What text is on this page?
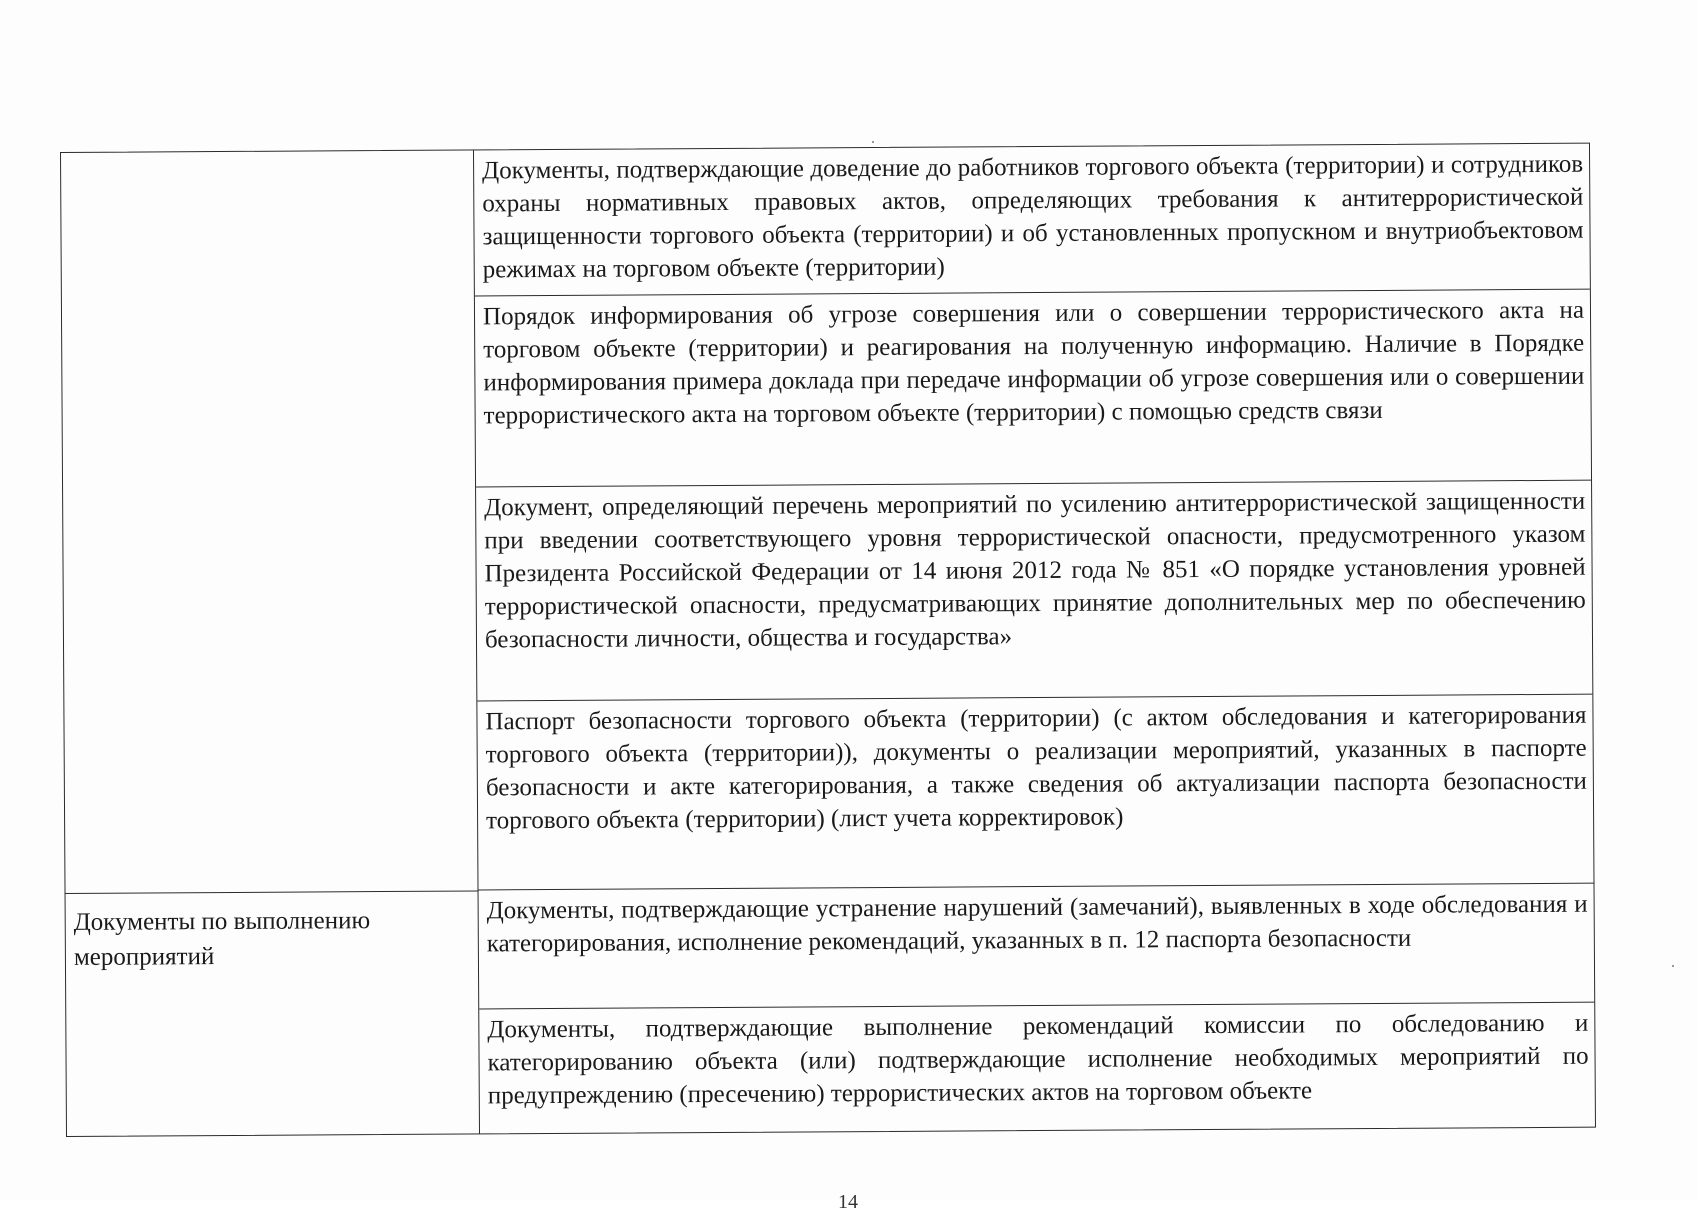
Документы по выполнению мероприятий
Документы, подтверждающие доведение до работников торгового объекта (территории) и сотрудников охраны нормативных правовых актов, определяющих требования к антитеррористической защищенности торгового объекта (территории) и об установленных пропускном и внутриобъектовом режимах на торговом объекте (территории)
Порядок информирования об угрозе совершения или о совершении террористического акта на торговом объекте (территории) и реагирования на полученную информацию. Наличие в Порядке информирования примера доклада при передаче информации об угрозе совершения или о совершении террористического акта на торговом объекте (территории) с помощью средств связи
Документ, определяющий перечень мероприятий по усилению антитеррористической защищенности при введении соответствующего уровня террористической опасности, предусмотренного указом Президента Российской Федерации от 14 июня 2012 года № 851 «О порядке установления уровней террористической опасности, предусматривающих принятие дополнительных мер по обеспечению безопасности личности, общества и государства»
Паспорт безопасности торгового объекта (территории) (с актом обследования и категорирования торгового объекта (территории)), документы о реализации мероприятий, указанных в паспорте безопасности и акте категорирования, а также сведения об актуализации паспорта безопасности торгового объекта (территории) (лист учета корректировок)
Документы, подтверждающие устранение нарушений (замечаний), выявленных в ходе обследования и категорирования, исполнение рекомендаций, указанных в п. 12 паспорта безопасности
Документы, подтверждающие выполнение рекомендаций комиссии по обследованию и категорированию объекта (или) подтверждающие исполнение необходимых мероприятий по предупреждению (пресечению) террористических актов на торговом объекте
14
